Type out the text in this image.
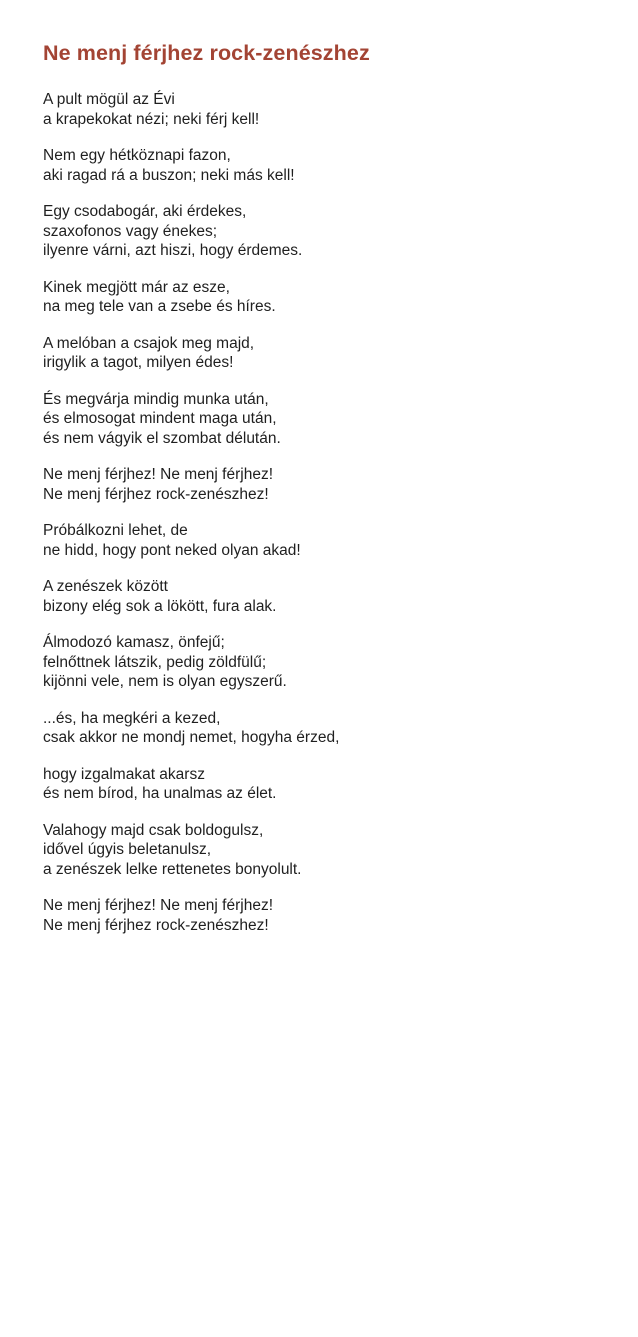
Ne menj férjhez rock-zenészhez
A pult mögül az Évi
a krapekokat nézi; neki férj kell!
Nem egy hétköznapi fazon,
aki ragad rá a buszon; neki más kell!
Egy csodabogár, aki érdekes,
szaxofonos vagy énekes;
ilyenre várni, azt hiszi, hogy érdemes.
Kinek megjött már az esze,
na meg tele van a zsebe és híres.
A melóban a csajok meg majd,
irigylik a tagot, milyen édes!
És megvárja mindig munka után,
és elmosogat mindent maga után,
és nem vágyik el szombat délután.
Ne menj férjhez! Ne menj férjhez!
Ne menj férjhez rock-zenészhez!
Próbálkozni lehet, de
ne hidd, hogy pont neked olyan akad!
A zenészek között
bizony elég sok a lökött, fura alak.
Álmodozó kamasz, önfejű;
felnőttnek látszik, pedig zöldfülű;
kijönni vele, nem is olyan egyszerű.
...és, ha megkéri a kezed,
csak akkor ne mondj nemet, hogyha érzed,
hogy izgalmakat akarsz
és nem bírod, ha unalmas az élet.
Valahogy majd csak boldogulsz,
idővel úgyis beletanulsz,
a zenészek lelke rettenetes bonyolult.
Ne menj férjhez! Ne menj férjhez!
Ne menj férjhez rock-zenészhez!
